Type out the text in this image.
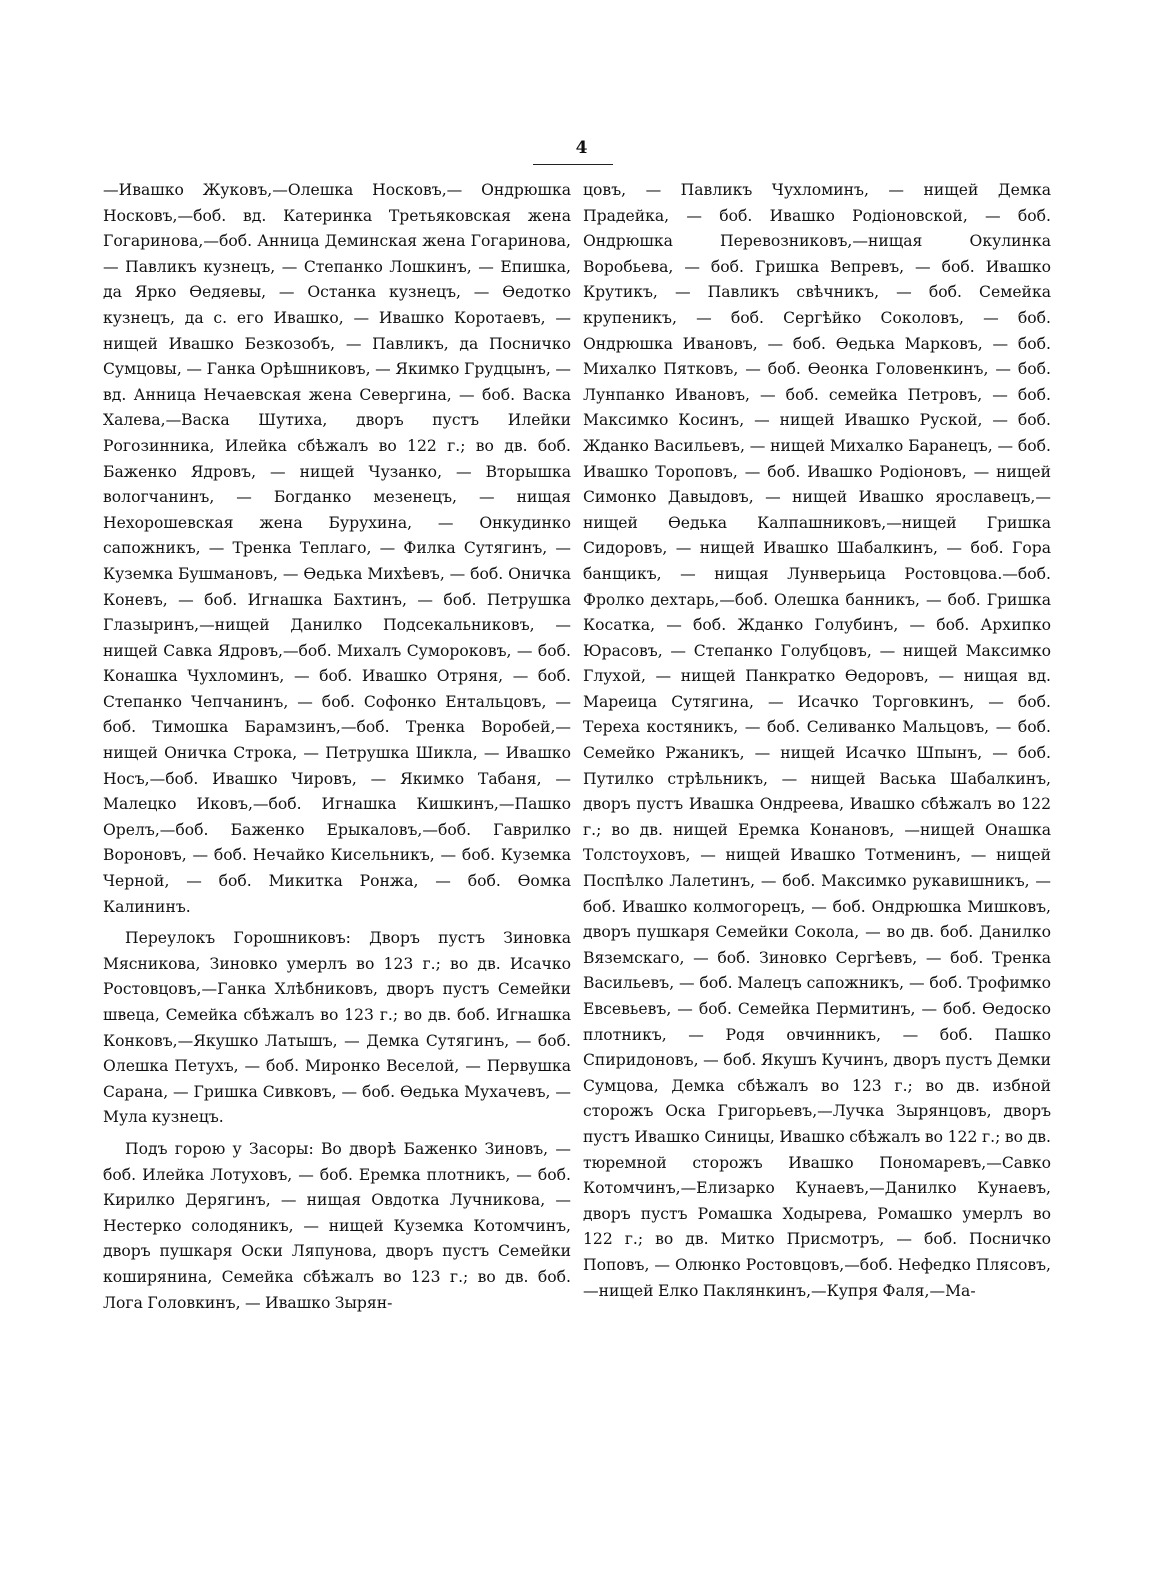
4

—Ивашко Жуковъ,—Олешка Носковъ,— Ондрюшка Носковъ,—боб. вд. Катеринка Третьяковская жена Гогаринова,—боб. Анница Деминская жена Гогаринова, — Павликъ кузнецъ, — Степанко Лошкинъ, — Епишка, да Ярко Ѳедяевы, — Останка кузнецъ, — Ѳедотко кузнецъ, да с. его Ивашко, — Ивашко Коротаевъ, — нищей Ивашко Безкозобъ, — Павликъ, да Посничко Сумцовы, — Ганка Орѣшниковъ, — Якимко Грудцынъ, — вд. Анница Нечаевская жена Севергина, — боб. Васка Халева,—Васка Шутиха, дворъ пустъ Илейки Рогозинника, Илейка сбѣжалъ во 122 г.; во дв. боб. Баженко Ядровъ, — нищей Чузанко, — Вторышка вологчанинъ, — Богданко мезенецъ, — нищая Нехорошевская жена Бурухина, — Онкудинко сапожникъ, — Тренка Теплаго, — Филка Сутягинъ, — Куземка Бушмановъ, — Ѳедька Михѣевъ, — боб. Оничка Коневъ, — боб. Игнашка Бахтинъ, — боб. Петрушка Глазыринъ,—нищей Данилко Подсекальниковъ, — нищей Савка Ядровъ,—боб. Михалъ Сумороковъ, — боб. Конашка Чухломинъ, — боб. Ивашко Отряня, — боб. Степанко Чепчанинъ, — боб. Софонко Ентальцовъ, — боб. Тимошка Барамзинъ,—боб. Тренка Воробей,—нищей Оничка Строка, — Петрушка Шикла, — Ивашко Носъ,—боб. Ивашко Чировъ, — Якимко Табаня, — Малецко Иковъ,—боб. Игнашка Кишкинъ,—Пашко Орелъ,—боб. Баженко Ерыкаловъ,—боб. Гаврилко Вороновъ, — боб. Нечайко Кисельникъ, — боб. Куземка Черной, — боб. Микитка Ронжа, — боб. Ѳомка Калининъ.

Переулокъ Горошниковъ: Дворъ пустъ Зиновка Мясникова, Зиновко умерлъ во 123 г.; во дв. Исачко Ростовцовъ,—Ганка Хлѣбниковъ, дворъ пустъ Семейки швеца, Семейка сбѣжалъ во 123 г.; во дв. боб. Игнашка Конковъ,—Якушко Латышъ, — Демка Сутягинъ, — боб. Олешка Петухъ, — боб. Миронко Веселой, — Первушка Сарана, — Гришка Сивковъ, — боб. Ѳедька Мухачевъ, — Мула кузнецъ.

Подъ горою у Засоры: Во дворѣ Баженко Зиновъ, — боб. Илейка Лотуховъ, — боб. Еремка плотникъ, — боб. Кирилко Дерягинъ, — нищая Овдотка Лучникова, —Нестерко солодяникъ, — нищей Куземка Котомчинъ, дворъ пушкаря Оски Ляпунова, дворъ пустъ Семейки коширянина, Семейка сбѣжалъ во 123 г.; во дв. боб. Лога Головкинъ, — Ивашко Зырян-

цовъ, — Павликъ Чухломинъ, — нищей Демка Прадейка, — боб. Ивашко Родіоновской, — боб. Ондрюшка Перевозниковъ,—нищая Окулинка Воробьева, — боб. Гришка Вепревъ, — боб. Ивашко Крутикъ, — Павликъ свѣчникъ, — боб. Семейка крупеникъ, — боб. Сергѣйко Соколовъ, — боб. Ондрюшка Ивановъ, — боб. Ѳедька Марковъ, — боб. Михалко Пятковъ, — боб. Ѳеонка Головенкинъ, — боб. Лунпанко Ивановъ, — боб. семейка Петровъ, — боб. Максимко Косинъ, — нищей Ивашко Руской, — боб. Жданко Васильевъ, — нищей Михалко Баранецъ, — боб. Ивашко Тороповъ, — боб. Ивашко Родіоновъ, — нищей Симонко Давыдовъ, — нищей Ивашко ярославецъ,—нищей Ѳедька Калпашниковъ,—нищей Гришка Сидоровъ, — нищей Ивашко Шабалкинъ, — боб. Гора банщикъ, — нищая Лунверьица Ростовцова.—боб. Фролко дехтарь,—боб. Олешка банникъ, — боб. Гришка Косатка, — боб. Жданко Голубинъ, — боб. Архипко Юрасовъ, — Степанко Голубцовъ, — нищей Максимко Глухой, — нищей Панкратко Ѳедоровъ, — нищая вд. Мареица Сутягина, — Исачко Торговкинъ, — боб. Тереха костяникъ, — боб. Селиванко Мальцовъ, — боб. Семейко Ржаникъ, — нищей Исачко Шпынъ, — боб. Путилко стрѣльникъ, — нищей Васька Шабалкинъ, дворъ пустъ Ивашка Ондреева, Ивашко сбѣжалъ во 122 г.; во дв. нищей Еремка Конановъ, —нищей Онашка Толстоуховъ, — нищей Ивашко Тотменинъ, — нищей Поспѣлко Лалетинъ, — боб. Максимко рукавишникъ, — боб. Ивашко колмогорецъ, — боб. Ондрюшка Мишковъ, дворъ пушкаря Семейки Сокола, — во дв. боб. Данилко Вяземскаго, — боб. Зиновко Сергѣевъ, — боб. Тренка Васильевъ, — боб. Малецъ сапожникъ, — боб. Трофимко Евсевьевъ, — боб. Семейка Пермитинъ, — боб. Ѳедоско плотникъ, — Родя овчинникъ, — боб. Пашко Спиридоновъ, — боб. Якушъ Кучинъ, дворъ пустъ Демки Сумцова, Демка сбѣжалъ во 123 г.; во дв. избной сторожъ Оска Григорьевъ,—Лучка Зырянцовъ, дворъ пустъ Ивашко Синицы, Ивашко сбѣжалъ во 122 г.; во дв. тюремной сторожъ Ивашко Пономаревъ,—Савко Котомчинъ,—Елизарко Кунаевъ,—Данилко Кунаевъ, дворъ пустъ Ромашка Ходырева, Ромашко умерлъ во 122 г.; во дв. Митко Присмотръ, — боб. Посничко Поповъ, — Олюнко Ростовцовъ,—боб. Нефедко Плясовъ,—нищей Елко Паклянкинъ,—Купря Фаля,—Ма-
